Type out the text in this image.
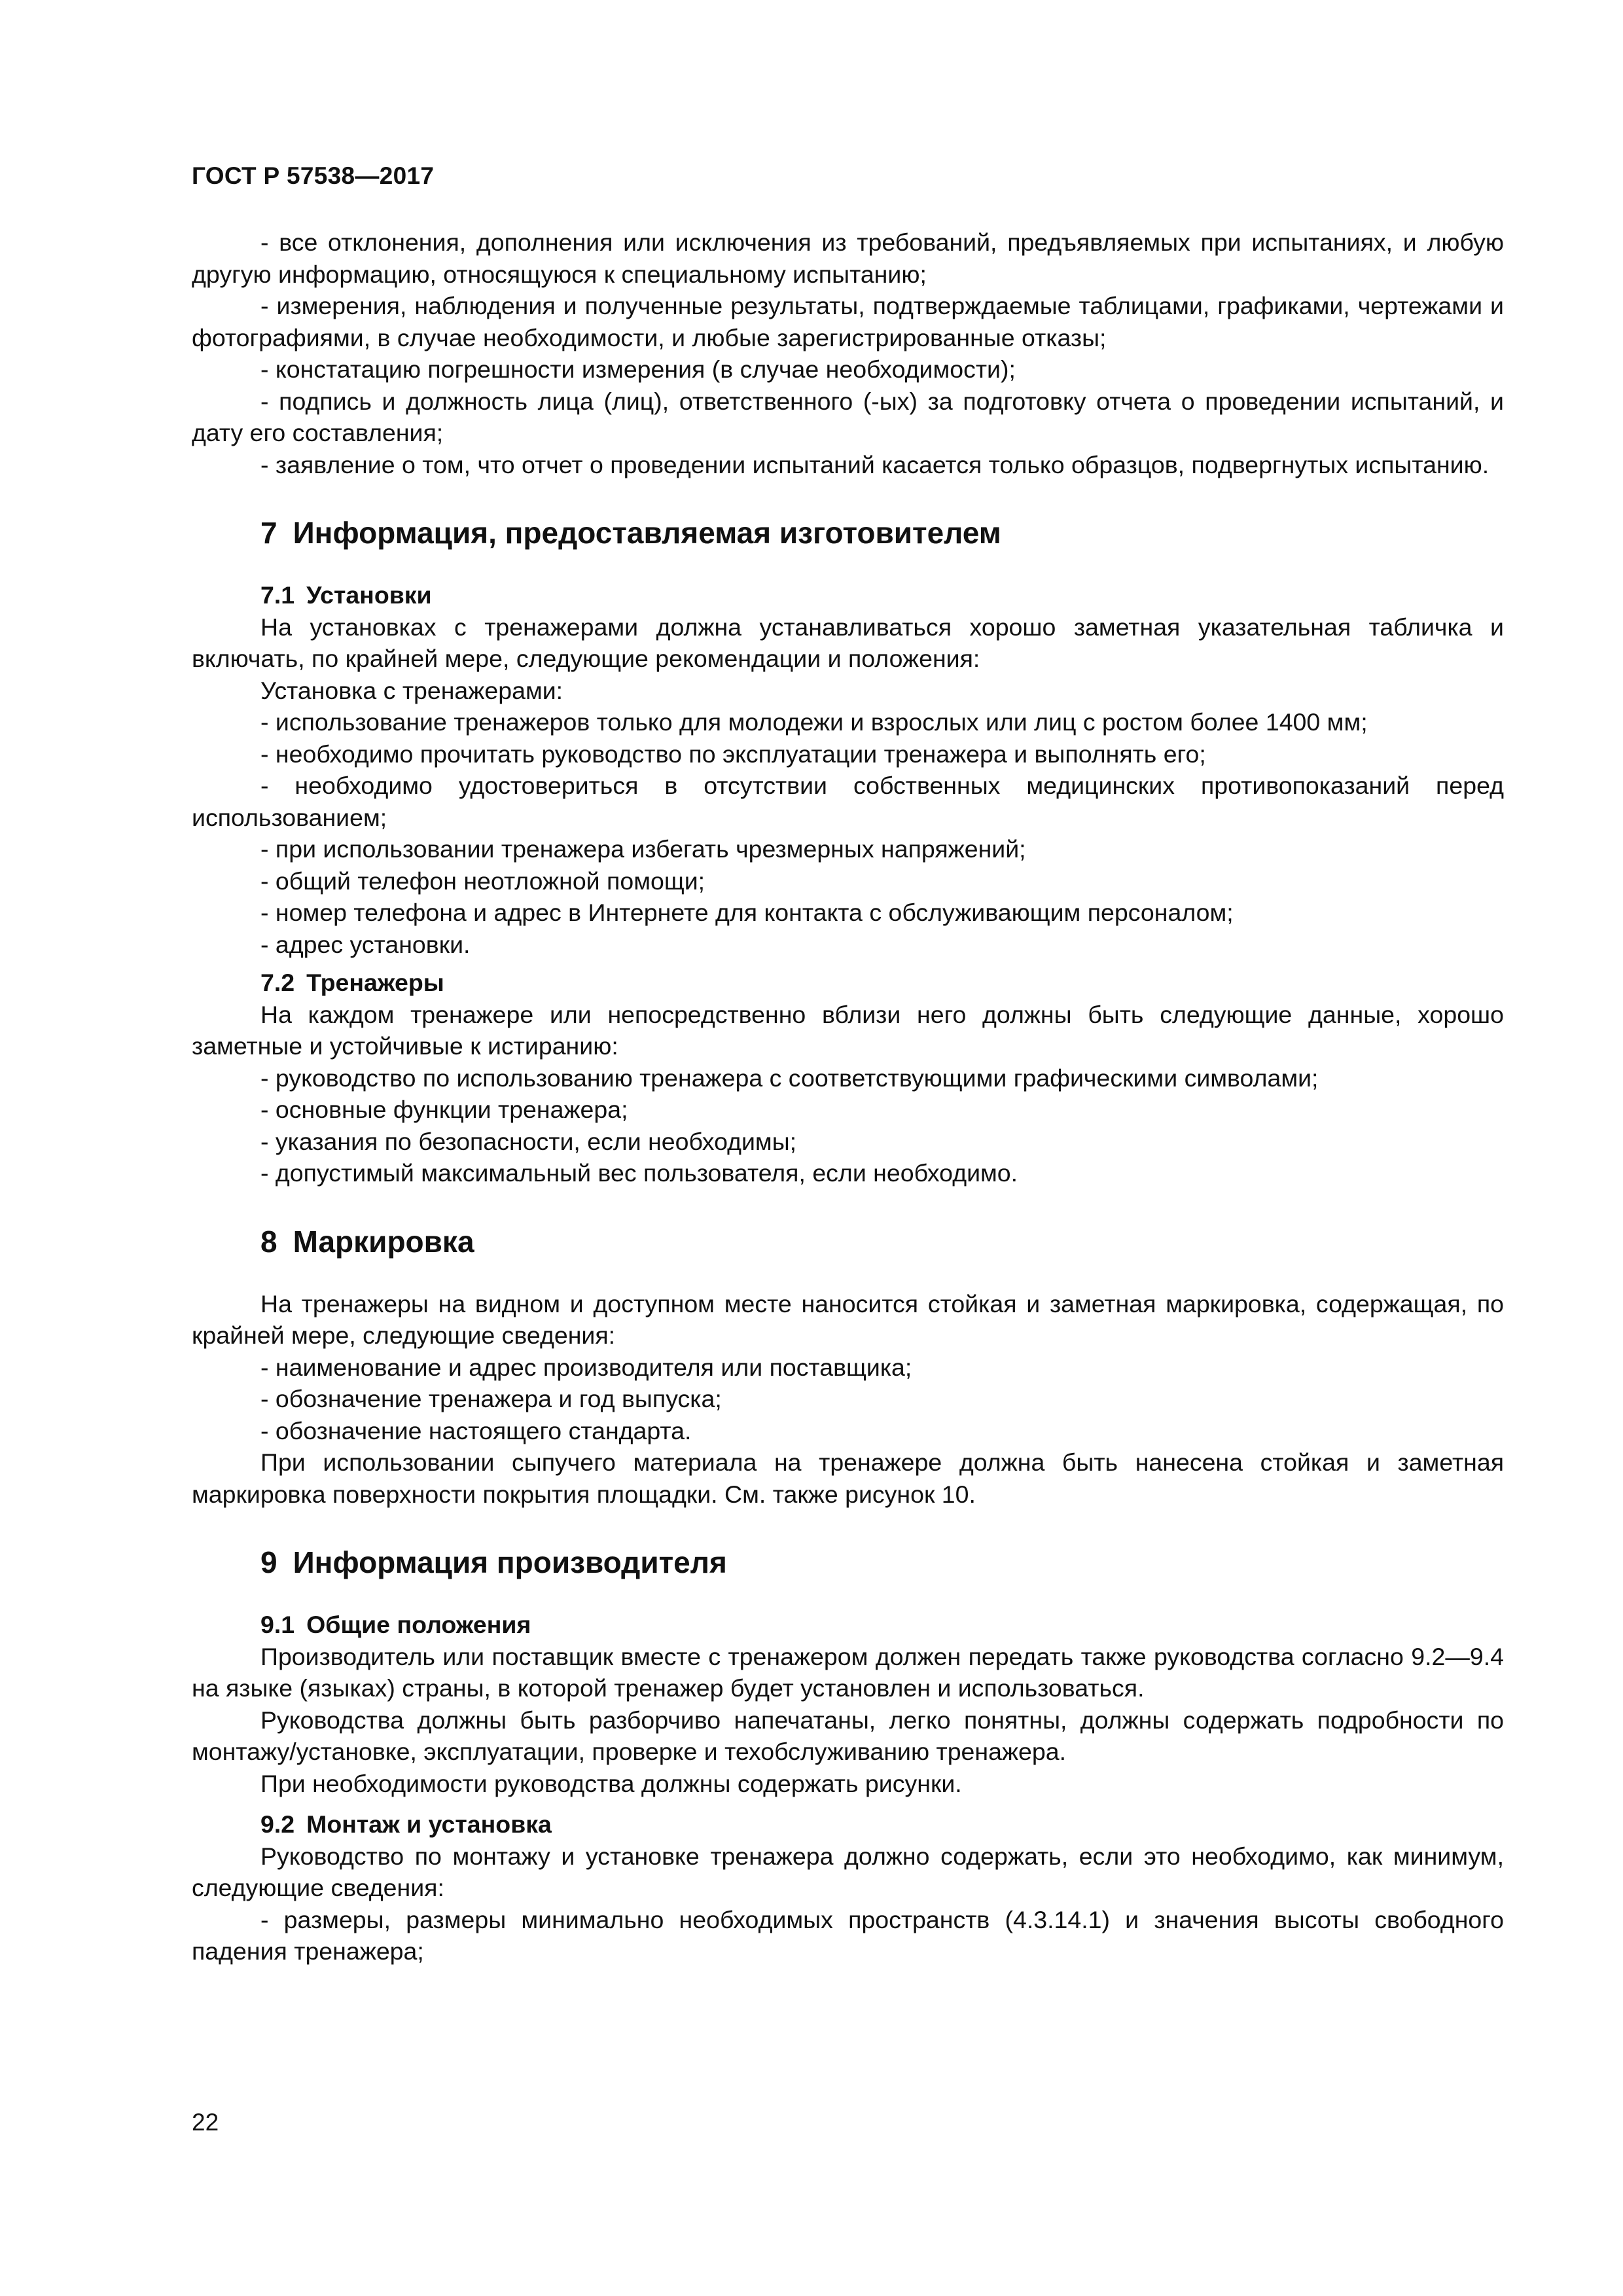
ГОСТ Р 57538—2017

- все отклонения, дополнения или исключения из требований, предъявляемых при испытаниях, и любую другую информацию, относящуюся к специальному испытанию;

- измерения, наблюдения и полученные результаты, подтверждаемые таблицами, графиками, чертежами и фотографиями, в случае необходимости, и любые зарегистрированные отказы;

- констатацию погрешности измерения (в случае необходимости);

- подпись и должность лица (лиц), ответственного (-ых) за подготовку отчета о проведении испытаний, и дату его составления;

- заявление о том, что отчет о проведении испытаний касается только образцов, подвергнутых испытанию.

7 Информация, предоставляемая изготовителем
7.1 Установки

На установках с тренажерами должна устанавливаться хорошо заметная указательная табличка и включать, по крайней мере, следующие рекомендации и положения:

Установка с тренажерами:

- использование тренажеров только для молодежи и взрослых или лиц с ростом более 1400 мм;

- необходимо прочитать руководство по эксплуатации тренажера и выполнять его;

- необходимо удостовериться в отсутствии собственных медицинских противопоказаний перед использованием;

- при использовании тренажера избегать чрезмерных напряжений;

- общий телефон неотложной помощи;

- номер телефона и адрес в Интернете для контакта с обслуживающим персоналом;

- адрес установки.

7.2 Тренажеры

На каждом тренажере или непосредственно вблизи него должны быть следующие данные, хорошо заметные и устойчивые к истиранию:

- руководство по использованию тренажера с соответствующими графическими символами;

- основные функции тренажера;

- указания по безопасности, если необходимы;

- допустимый максимальный вес пользователя, если необходимо.

8 Маркировка

На тренажеры на видном и доступном месте наносится стойкая и заметная маркировка, содержащая, по крайней мере, следующие сведения:

- наименование и адрес производителя или поставщика;

- обозначение тренажера и год выпуска;

- обозначение настоящего стандарта.

При использовании сыпучего материала на тренажере должна быть нанесена стойкая и заметная маркировка поверхности покрытия площадки. См. также рисунок 10.

9 Информация производителя
9.1 Общие положения

Производитель или поставщик вместе с тренажером должен передать также руководства согласно 9.2—9.4 на языке (языках) страны, в которой тренажер будет установлен и использоваться.

Руководства должны быть разборчиво напечатаны, легко понятны, должны содержать подробности по монтажу/установке, эксплуатации, проверке и техобслуживанию тренажера.

При необходимости руководства должны содержать рисунки.

9.2 Монтаж и установка

Руководство по монтажу и установке тренажера должно содержать, если это необходимо, как минимум, следующие сведения:

- размеры, размеры минимально необходимых пространств (4.3.14.1) и значения высоты свободного падения тренажера;

22
